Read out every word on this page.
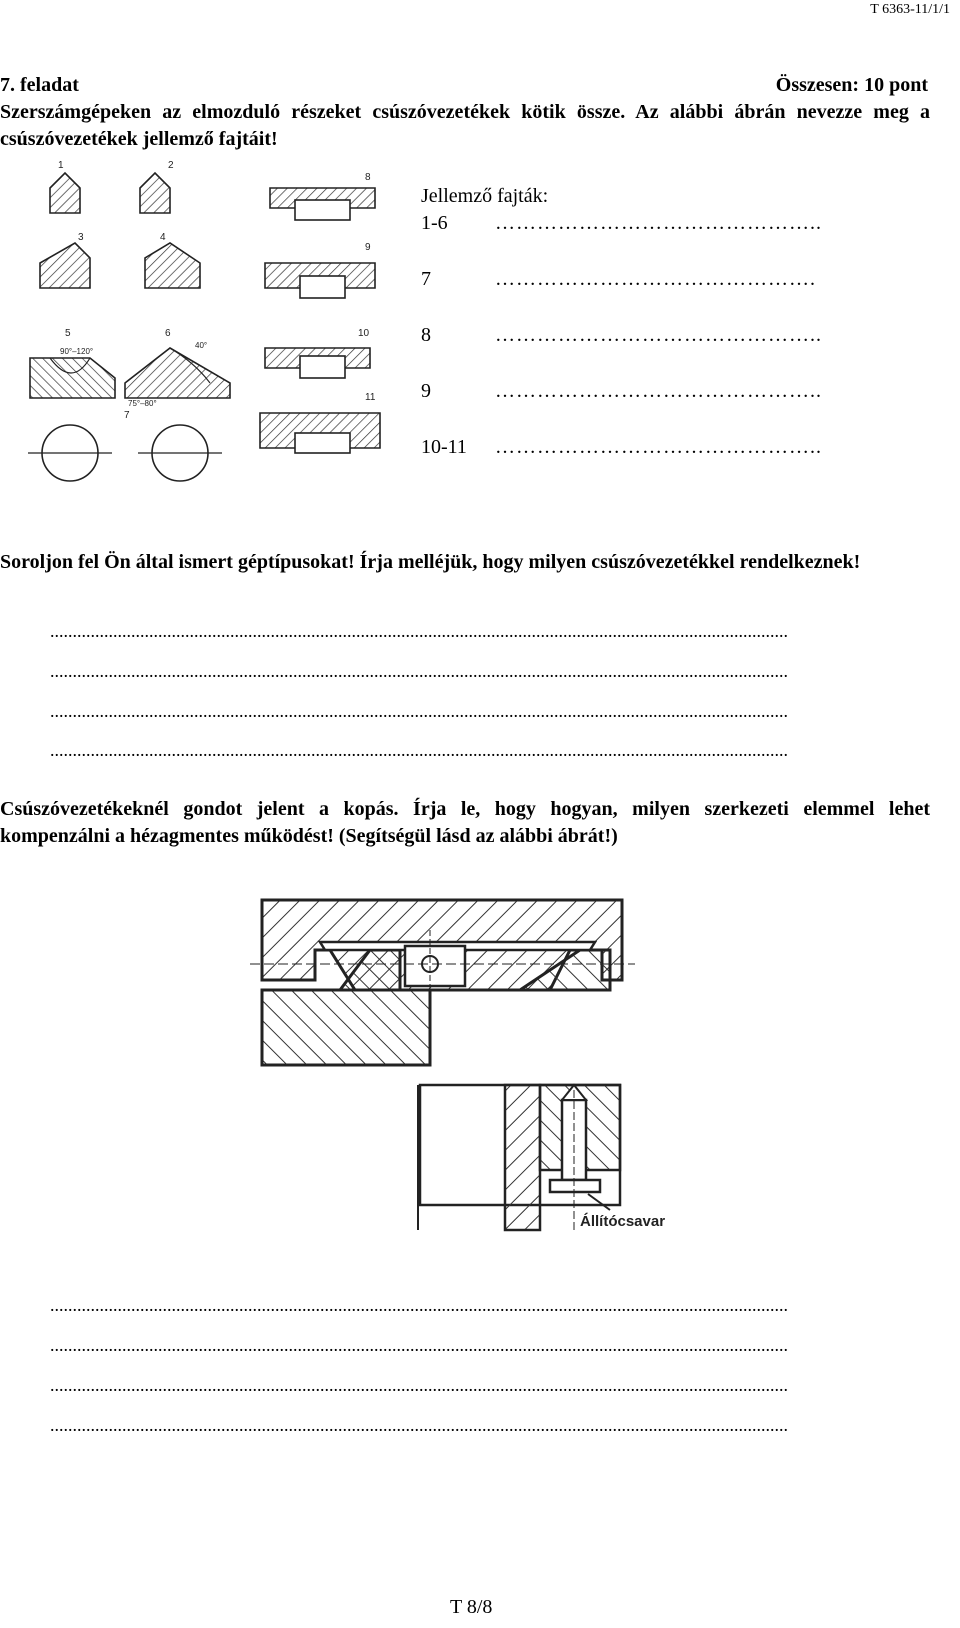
T 6363-11/1/1
7. feladat	Összesen: 10 pont
Szerszámgépeken az elmozduló részeket csúszóvezetékek kötik össze. Az alábbi ábrán nevezze meg a csúszóvezetékek jellemző fajtáit!
1	2
3	4
5	6
7
8
9
10
11
90°–120°
75°–80°
40°
Jellemző fajták:
1-6 ………………………………………..
7	……………………………………….
8	………………………………………..
9	………………………………………..
10-11 ………………………………………..
Soroljon fel Ön által ismert géptípusokat! Írja melléjük, hogy milyen csúszóvezetékkel rendelkeznek!
....................................................................................................................................................................
....................................................................................................................................................................
....................................................................................................................................................................
....................................................................................................................................................................
Csúszóvezetékeknél gondot jelent a kopás. Írja le, hogy hogyan, milyen szerkezeti elemmel lehet kompenzálni a hézagmentes működést! (Segítségül lásd az alábbi ábrát!)
Állítócsavar
....................................................................................................................................................................
....................................................................................................................................................................
....................................................................................................................................................................
....................................................................................................................................................................
T 8/8
